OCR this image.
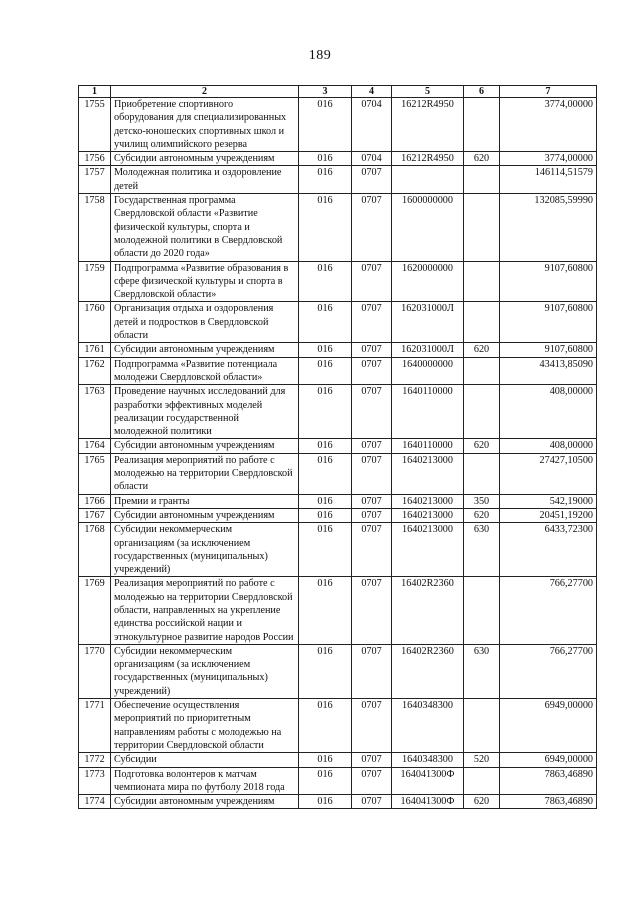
189
1	2	3	4	5	6	7
1755	Приобретение спортивного оборудования для специализированных детско-юношеских спортивных школ и училищ олимпийского резерва	016	0704	16212R4950		3774,00000
1756	Субсидии автономным учреждениям	016	0704	16212R4950	620	3774,00000
1757	Молодежная политика и оздоровление детей	016	0707			146114,51579
1758	Государственная программа Свердловской области «Развитие физической культуры, спорта и молодежной политики в Свердловской области до 2020 года»	016	0707	1600000000		132085,59990
1759	Подпрограмма «Развитие образования в сфере физической культуры и спорта в Свердловской области»	016	0707	1620000000		9107,60800
1760	Организация отдыха и оздоровления детей и подростков в Свердловской области	016	0707	162031000Л		9107,60800
1761	Субсидии автономным учреждениям	016	0707	162031000Л	620	9107,60800
1762	Подпрограмма «Развитие потенциала молодежи Свердловской области»	016	0707	1640000000		43413,85090
1763	Проведение научных исследований для разработки эффективных моделей реализации государственной молодежной политики	016	0707	1640110000		408,00000
1764	Субсидии автономным учреждениям	016	0707	1640110000	620	408,00000
1765	Реализация мероприятий по работе с молодежью на территории Свердловской области	016	0707	1640213000		27427,10500
1766	Премии и гранты	016	0707	1640213000	350	542,19000
1767	Субсидии автономным учреждениям	016	0707	1640213000	620	20451,19200
1768	Субсидии некоммерческим организациям (за исключением государственных (муниципальных) учреждений)	016	0707	1640213000	630	6433,72300
1769	Реализация мероприятий по работе с молодежью на территории Свердловской области, направленных на укрепление единства российской нации и этнокультурное развитие народов России	016	0707	16402R2360		766,27700
1770	Субсидии некоммерческим организациям (за исключением государственных (муниципальных) учреждений)	016	0707	16402R2360	630	766,27700
1771	Обеспечение осуществления мероприятий по приоритетным направлениям работы с молодежью на территории Свердловской области	016	0707	1640348300		6949,00000
1772	Субсидии	016	0707	1640348300	520	6949,00000
1773	Подготовка волонтеров к матчам чемпионата мира по футболу 2018 года	016	0707	164041300Ф		7863,46890
1774	Субсидии автономным учреждениям	016	0707	164041300Ф	620	7863,46890
